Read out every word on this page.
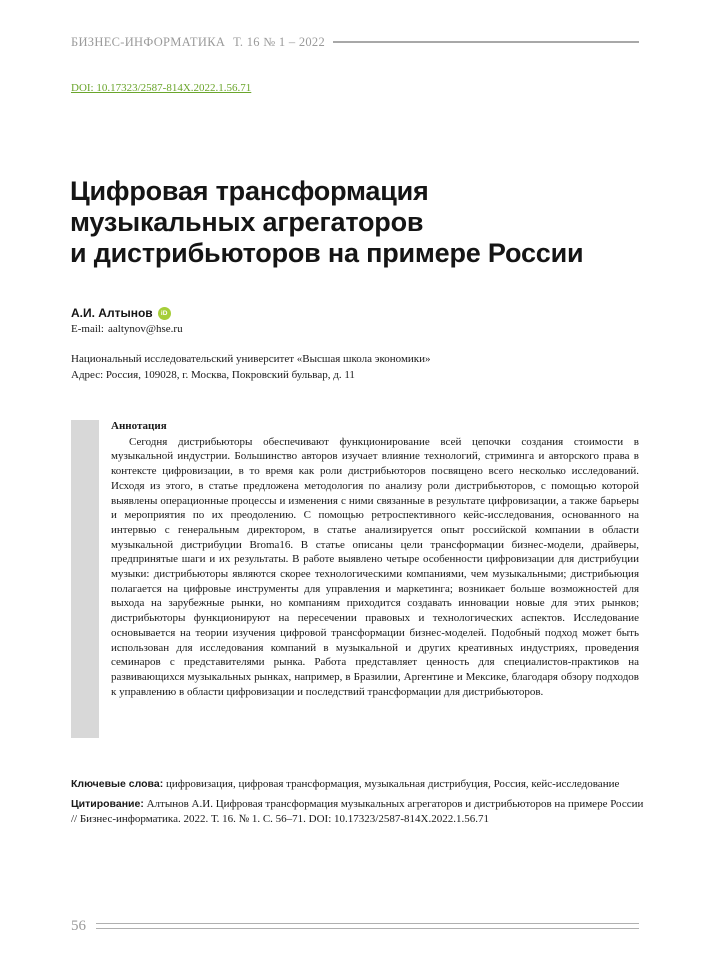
БИЗНЕС-ИНФОРМАТИКА Т. 16 № 1 – 2022
DOI: 10.17323/2587-814X.2022.1.56.71
Цифровая трансформация
музыкальных агрегаторов
и дистрибьюторов на примере России
А.И. Алтынов	iD
E-mail: aaltynov@hse.ru
Национальный исследовательский университет «Высшая школа экономики»
Адрес: Россия, 109028, г. Москва, Покровский бульвар, д. 11
Аннотация

Сегодня дистрибьюторы обеспечивают функционирование всей цепочки создания стоимости в музыкальной индустрии. Большинство авторов изучает влияние технологий, стриминга и авторского права в контексте цифровизации, в то время как роли дистрибьюторов посвящено всего несколько исследований. Исходя из этого, в статье предложена методология по анализу роли дистрибьюторов, с помощью которой выявлены операционные процессы и изменения с ними связанные в результате цифровизации, а также барьеры и мероприятия по их преодолению. С помощью ретроспективного кейс-исследования, основанного на интервью с генеральным директором, в статье анализируется опыт российской компании в области музыкальной дистрибуции Broma16. В статье описаны цели трансформации бизнес-модели, драйверы, предпринятые шаги и их результаты. В работе выявлено четыре особенности цифровизации для дистрибуции музыки: дистрибьюторы являются скорее технологическими компаниями, чем музыкальными; дистрибьюция полагается на цифровые инструменты для управления и маркетинга; возникает больше возможностей для выхода на зарубежные рынки, но компаниям приходится создавать инновации новые для этих рынков; дистрибьюторы функционируют на пересечении правовых и технологических аспектов. Исследование основывается на теории изучения цифровой трансформации бизнес-моделей. Подобный подход может быть использован для исследования компаний в музыкальной и других креативных индустриях, проведения семинаров с представителями рынка. Работа представляет ценность для специалистов-практиков на развивающихся музыкальных рынках, например, в Бразилии, Аргентине и Мексике, благодаря обзору подходов к управлению в области цифровизации и последствий трансформации для дистрибьюторов.

Ключевые слова: цифровизация, цифровая трансформация, музыкальная дистрибуция, Россия, кейс-исследование
Цитирование: Алтынов А.И. Цифровая трансформация музыкальных агрегаторов и дистрибьюторов на примере России // Бизнес-информатика. 2022. Т. 16. № 1. С. 56–71. DOI: 10.17323/2587-814X.2022.1.56.71
56
